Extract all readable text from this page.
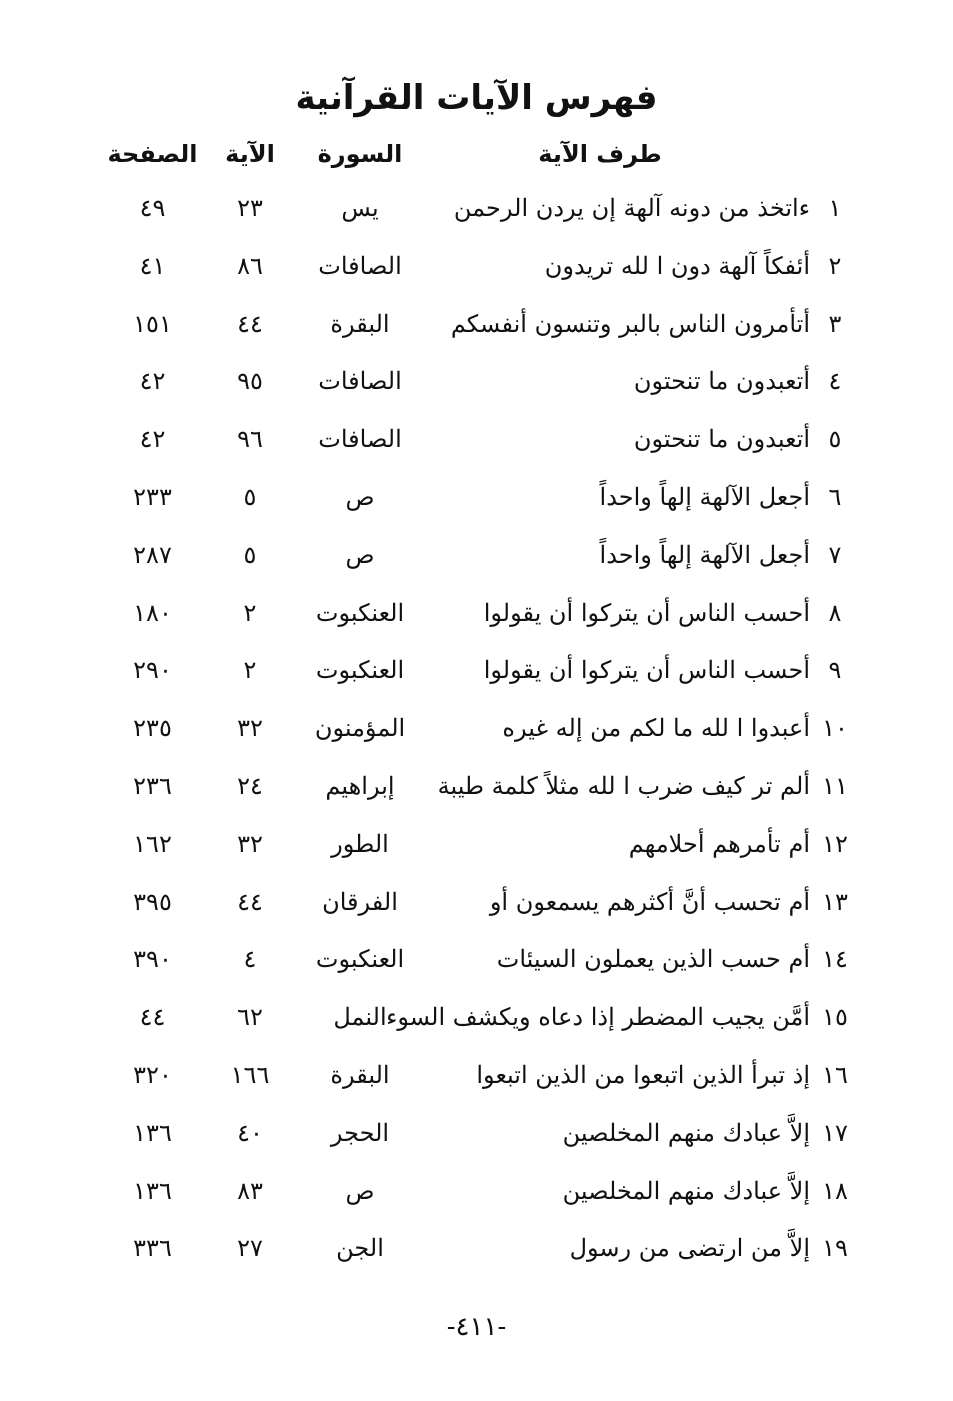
فهرس الآيات القرآنية
طرف الآية
السورة
الآية
الصفحة
١
ءاتخذ من دونه آلهة إن يردن الرحمن
يس
٢٣
٤٩
٢
أئفكاً آلهة دون ا لله تريدون
الصافات
٨٦
٤١
٣
أتأمرون الناس بالبر وتنسون أنفسكم
البقرة
٤٤
١٥١
٤
أتعبدون ما تنحتون
الصافات
٩٥
٤٢
٥
أتعبدون ما تنحتون
الصافات
٩٦
٤٢
٦
أجعل الآلهة إلهاً واحداً
ص
٥
٢٣٣
٧
أجعل الآلهة إلهاً واحداً
ص
٥
٢٨٧
٨
أحسب الناس أن يتركوا أن يقولوا
العنكبوت
٢
١٨٠
٩
أحسب الناس أن يتركوا أن يقولوا
العنكبوت
٢
٢٩٠
١٠
أعبدوا ا لله ما لكم من إله غيره
المؤمنون
٣٢
٢٣٥
١١
ألم تر كيف ضرب ا لله مثلاً كلمة طيبة
إبراهيم
٢٤
٢٣٦
١٢
أم تأمرهم أحلامهم
الطور
٣٢
١٦٢
١٣
أم تحسب أنَّ أكثرهم يسمعون أو
الفرقان
٤٤
٣٩٥
١٤
أم حسب الذين يعملون السيئات
العنكبوت
٤
٣٩٠
١٥
أمَّن يجيب المضطر إذا دعاه ويكشف السوء
النمل
٦٢
٤٤
١٦
إذ تبرأ الذين اتبعوا من الذين اتبعوا
البقرة
١٦٦
٣٢٠
١٧
إلاَّ عبادك منهم المخلصين
الحجر
٤٠
١٣٦
١٨
إلاَّ عبادك منهم المخلصين
ص
٨٣
١٣٦
١٩
إلاَّ من ارتضى من رسول
الجن
٢٧
٣٣٦
-٤١١-
